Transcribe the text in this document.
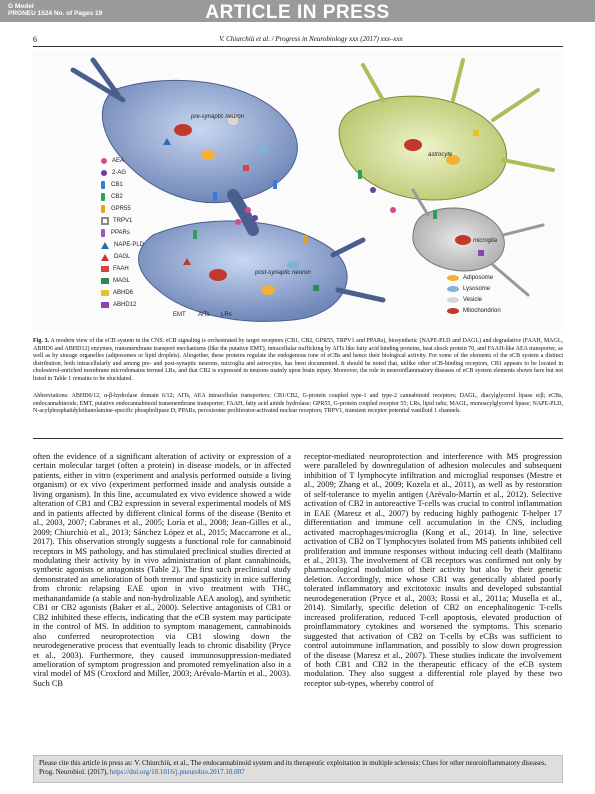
G Model
PRONEU 1524 No. of Pages 19	ARTICLE IN PRESS
6	V. Chiurchiù et al. / Progress in Neurobiology xxx (2017) xxx–xxx
pre-synaptic neuron
post-synaptic neuron
astrocyte
microglia
EMT AITs LRs
AEA
2-AG
CB1
CB2
GPR55
TRPV1
PPARs
NAPE-PLD
DAGL
FAAH
MAGL
ABHD6
ABHD12
Adiposome
Lysosome
Vesicle
Mitochondrion
Fig. 3. A modern view of the eCB system in the CNS. eCB signaling is orchestrated by target receptors (CB1, CB2, GPR55, TRPV1 and PPARs), biosynthetic (NAPE-PLD and DAGL) and degradative (FAAH, MAGL, ABHD6 and ABHD12) enzymes, transmembrane transport mechanisms (like the putative EMT), intracellular trafficking by AITs like fatty acid binding proteins, heat shock protein 70, and FAAH-like AEA transporter, as well as by storage organelles (adiposomes or lipid droplets). Altogether, these proteins regulate the endogenous tone of eCBs and hence their biological activity. For some of the elements of the eCB system a distinct distribution, both intracellularly and among pre- and post-synaptic neurons, microglia and astrocytes, has been documented. It should be noted that, unlike other eCB-binding receptors, CB1 appears to be located in cholesterol-enriched membrane microdomains termed LRs, and that CB2 is expressed in neurons mainly upon brain injury. Moreover, the role in neuroinflammatory diseases of eCB system elements shown here but not listed in Table 1 remains to be elucidated.
Abbreviations: ABHD6/12, α-β-hydrolase domain 6/12; AITs, AEA intracellular transporters; CB1/CB2, G-protein coupled type-1 and type-2 cannabinoid receptors; DAGL, diacylglycerol lipase α/β; eCBs, endocannabinoids; EMT, putative endocannabinoid transmembrane transporter; FAAH, fatty acid amide hydrolase; GPR55, G-protein coupled receptor 55; LRs, lipid rafts; MAGL, monoacylglycerol lipase; NAPE-PLD, N-acylphosphatidylethanolamine-specific phospholipase D; PPARs, peroxisome proliferator-activated nuclear receptors; TRPV1, transient receptor potential vanilloid 1 channels.
often the evidence of a significant alteration of activity or expression of a certain molecular target (often a protein) in disease models, or in affected patients, either in vitro (experiment and analysis performed outside a living organism) or ex vivo (experiment performed inside and analysis outside a living organism). In this line, accumulated ex vivo evidence showed a wide alteration of CB1 and CB2 expression in several experimental models of MS and in patients affected by different clinical forms of the disease (Benito et al., 2003, 2007; Cabranes et al., 2005; Loría et al., 2008; Jean-Gilles et al., 2009; Chiurchiù et al., 2013; Sánchez López et al., 2015; Maccarrone et al., 2017). This observation strongly suggests a functional role for cannabinoid receptors in MS pathology, and has stimulated preclinical studies directed at modulating their activity by in vivo administration of plant cannabinoids, synthetic agonists or antagonists (Table 2). The first such preclinical study demonstrated an amelioration of both tremor and spasticity in mice suffering from chronic relapsing EAE upon in vivo treatment with THC, methanandamide (a stable and non-hydrolizable AEA anolog), and synthetic CB1 or CB2 agonists (Baker et al., 2000). Selective antagonists of CB1 or CB2 inhibited these effects, indicating that the eCB system may participate in the control of MS. In addition to symptom management, cannabinoids also conferred neuroprotection via CB1 slowing down the neurodegenerative process that eventually leads to chronic disability (Pryce et al., 2003). Furthermore, they caused immunosuppression-mediated amelioration of symptom progression and promoted remyelination also in a viral model of MS (Croxford and Miller, 2003; Arévalo-Martín et al., 2003). Such CB
receptor-mediated neuroprotection and interference with MS progression were paralleled by downregulation of adhesion molecules and subsequent inhibition of T lymphocyte infiltration and microglial responses (Mestre et al., 2009; Zhang et al., 2009; Kozela et al., 2011), as well as by restoration of self-tolerance to myelin antigen (Arévalo-Martín et al., 2012). Selective activation of CB2 in autoreactive T-cells was crucial to control inflammation in EAE (Maresz et al., 2007) by reducing highly pathogenic T-helper 17 differentiation and immune cell accumulation in the CNS, including activated macrophages/microglia (Kong et al., 2014). In line, selective activation of CB2 on T lymphocytes isolated from MS patients inhibited cell proliferation and immune responses without inducing cell death (Malfitano et al., 2013). The involvement of CB receptors was confirmed not only by pharmacological modulation of their activity but also by their genetic deletion. Accordingly, mice whose CB1 was genetically ablated poorly tolerated inflammatory and excitotoxic insults and developed substantial neurodegeneration (Pryce et al., 2003; Rossi et al., 2011a; Musella et al., 2014). Similarly, specific deletion of CB2 on encephalitogenic T-cells increased proliferation, reduced T-cell apoptosis, elevated production of proinflammatory cytokines and worsened the symptoms. This scenario suggested that activation of CB2 on T-cells by eCBs was sufficient to control autoimmune inflammation, and possibly to slow down progression of the disease (Maresz et al., 2007). These studies indicate the involvement of both CB1 and CB2 in the therapeutic efficacy of the eCB system modulation. They also suggest a differential role played by these two receptor sub-types, whereby control of
Please cite this article in press as: V. Chiurchiù, et al., The endocannabinoid system and its therapeutic exploitation in multiple sclerosis: Clues for other neuroinflammatory diseases, Prog. Neurobiol. (2017), https://doi.org/10.1016/j.pneurobio.2017.10.007
